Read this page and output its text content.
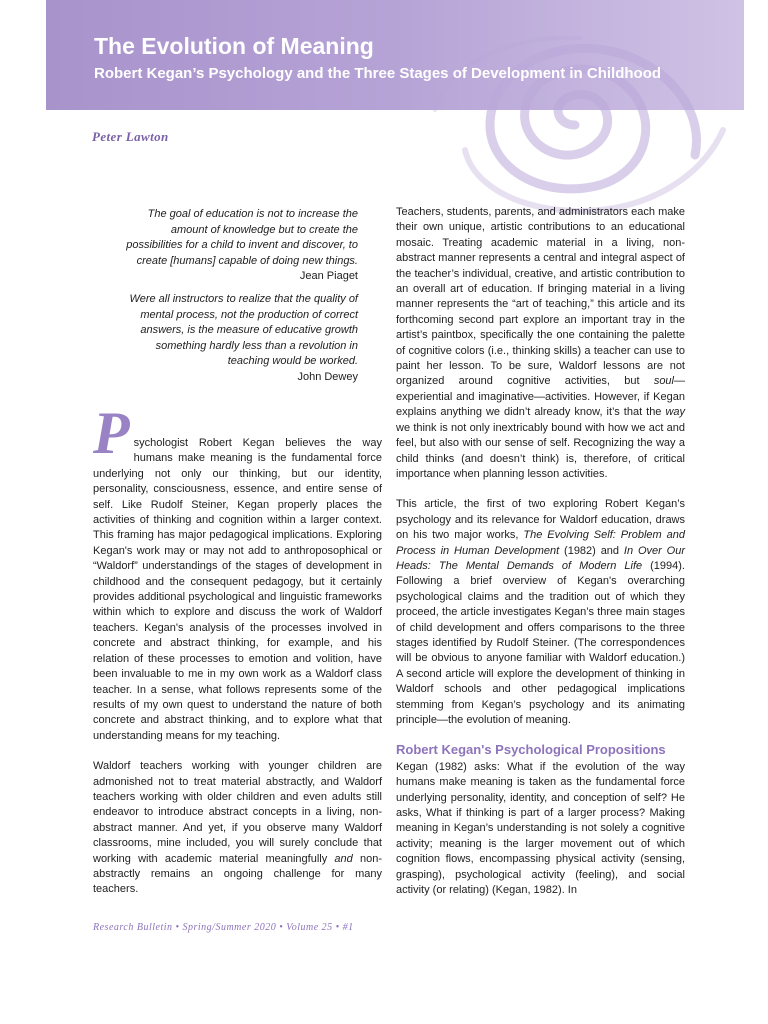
The Evolution of Meaning
Robert Kegan’s Psychology and the Three Stages of Development in Childhood
Peter Lawton
The goal of education is not to increase the amount of knowledge but to create the possibilities for a child to invent and discover, to create [humans] capable of doing new things.
Jean Piaget
Were all instructors to realize that the quality of mental process, not the production of correct answers, is the measure of educative growth something hardly less than a revolution in teaching would be worked.
John Dewey

P sychologist Robert Kegan believes the way humans make meaning is the fundamental force underlying not only our thinking, but our identity, personality, consciousness, essence, and entire sense of self. Like Rudolf Steiner, Kegan properly places the activities of thinking and cognition within a larger context. This framing has major pedagogical implications. Exploring Kegan's work may or may not add to anthroposophical or “Waldorf” understandings of the stages of development in childhood and the consequent pedagogy, but it certainly provides additional psychological and linguistic frameworks within which to explore and discuss the work of Waldorf teachers. Kegan's analysis of the processes involved in concrete and abstract thinking, for example, and his relation of these processes to emotion and volition, have been invaluable to me in my own work as a Waldorf class teacher. In a sense, what follows represents some of the results of my own quest to understand the nature of both concrete and abstract thinking, and to explore what that understanding means for my teaching.

Waldorf teachers working with younger children are admonished not to treat material abstractly, and Waldorf teachers working with older children and even adults still endeavor to introduce abstract concepts in a living, non-abstract manner. And yet, if you observe many Waldorf classrooms, mine included, you will surely conclude that working with academic material meaningfully and non-abstractly remains an ongoing challenge for many teachers.

Teachers, students, parents, and administrators each make their own unique, artistic contributions to an educational mosaic. Treating academic material in a living, non-abstract manner represents a central and integral aspect of the teacher’s individual, creative, and artistic contribution to an overall art of education. If bringing material in a living manner represents the “art of teaching,” this article and its forthcoming second part explore an important tray in the artist’s paintbox, specifically the one containing the palette of cognitive colors (i.e., thinking skills) a teacher can use to paint her lesson. To be sure, Waldorf lessons are not organized around cognitive activities, but soul—experiential and imaginative—activities. However, if Kegan explains anything we didn’t already know, it’s that the way we think is not only inextricably bound with how we act and feel, but also with our sense of self. Recognizing the way a child thinks (and doesn’t think) is, therefore, of critical importance when planning lesson activities.

This article, the first of two exploring Robert Kegan’s psychology and its relevance for Waldorf education, draws on his two major works, The Evolving Self: Problem and Process in Human Development (1982) and In Over Our Heads: The Mental Demands of Modern Life (1994). Following a brief overview of Kegan's overarching psychological claims and the tradition out of which they proceed, the article investigates Kegan’s three main stages of child development and offers comparisons to the three stages identified by Rudolf Steiner. (The correspondences will be obvious to anyone familiar with Waldorf education.) A second article will explore the development of thinking in Waldorf schools and other pedagogical implications stemming from Kegan’s psychology and its animating principle—the evolution of meaning.

Robert Kegan's Psychological Propositions

Kegan (1982) asks: What if the evolution of the way humans make meaning is taken as the fundamental force underlying personality, identity, and conception of self? He asks, What if thinking is part of a larger process? Making meaning in Kegan’s understanding is not solely a cognitive activity; meaning is the larger movement out of which cognition flows, encompassing physical activity (sensing, grasping), psychological activity (feeling), and social activity (or relating) (Kegan, 1982). In

Research Bulletin • Spring/Summer 2020 • Volume 25 • #1
